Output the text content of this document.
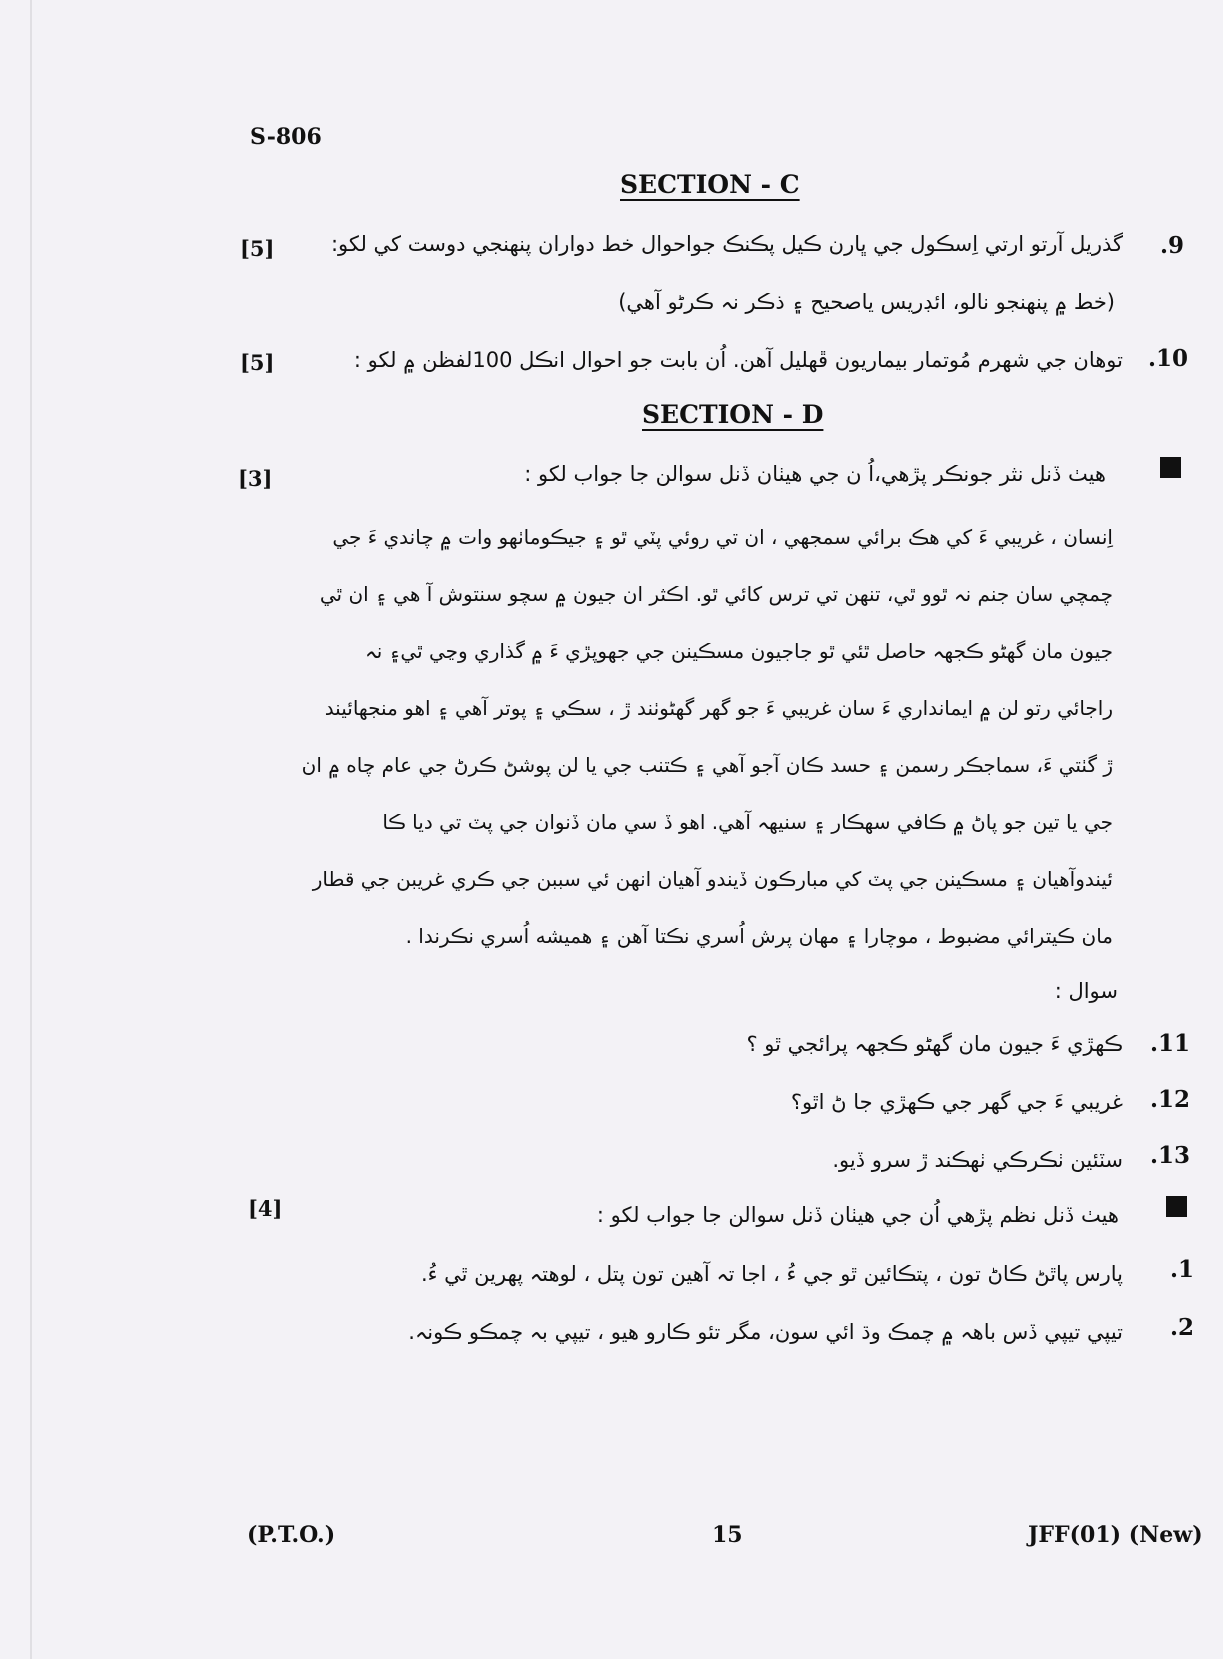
S-806
SECTION - C
.9
گذريل آرتو ارتي اِسڪول جي ڀارن ڪيل پڪنڪ جواحوال خط دواران پنهنجي دوست کي لکو:
[5]
(خط ۾ پنهنجو نالو، ائڊريس ياصحيح ۽ ذڪر نہ ڪرڻو آهي)
.10
توهان جي شهرم مُوتمار بيماريون ڦهليل آهن. اُن بابت جو احوال انڪل 100لفظن ۾ لکو :
[5]
SECTION - D
هيٺ ڏنل نثر جونڪر پڙهي،اُ ن جي هيٺان ڏنل سوالن جا جواب لکو :
[3]
اِنسان ، غريبي ءَ کي هڪ برائي سمجهي ، ان تي روئي پٽي ٿو ۽ جيڪوماٺهو وات ۾ چاندي ءَ جي
چمچي سان جنم نہ ٿوو ٿي، تنهن تي ترس کائي ٿو. اڪثر ان جيون ۾ سچو سنتوش آ هي ۽ ان ٿي
جيون مان گهڻو ڪجهہ حاصل ٿئي ٿو جاجيون مسڪينن جي جهوپڙي ءَ ۾ گذاري وڃي ٿي۽ نہ
راجائي رتو لن ۾ ايمانداري ءَ سان غريبي ءَ جو گهر گهڻوٺند ڙ ، سڪي ۽ پوتر آهي ۽ اهو منجهائيند
ڙ گٺتي ءَ، سماجڪر رسمن ۽ حسد ڪان آجو آهي ۽ ڪتنب جي يا لن پوشڻ ڪرڻ جي عام چاه ۾ ان
جي يا تين جو پاڻ ۾ ڪافي سهڪار ۽ سنيهہ آهي. اهو ڏ سي مان ڏنوان جي پٽ تي ديا ڪا
ئيندوآهيان ۽ مسڪينن جي پٽ کي مبارڪون ڏيندو آهيان انهن ئي سببن جي ڪري غريبن جي قطار
مان ڪيترائي مضبوط ، موچارا ۽ مهان پرش اُسري نڪتا آهن ۽ هميشه اُسري نڪرندا .
سوال :
.11
ڪهڙي ءَ جيون مان گهڻو ڪجهہ پرائجي ٿو ؟
.12
غريبي ءَ جي گهر جي ڪهڙي جا ڻ اٿو؟
.13
سٽئين ٺڪرڪي ٺهڪند ڙ سرو ڏيو.
هيٺ ڏنل نظم پڙهي اُن جي هيٺان ڏنل سوالن جا جواب لکو :
[4]
.1
پارس پاٿڻ ڪاڻ تون ، پتڪائين ٿو جي ءُ ، اجا تہ آهين تون پتل ، لوهتہ پهرين ٿي ءُ.
.2
تيپي تيپي ڏس باهہ ۾ چمڪ وڌ ائي سون، مگر تئو ڪارو هيو ، تيپي بہ چمڪو ڪونہ.
(P.T.O.)	15	JFF(01) (New)
